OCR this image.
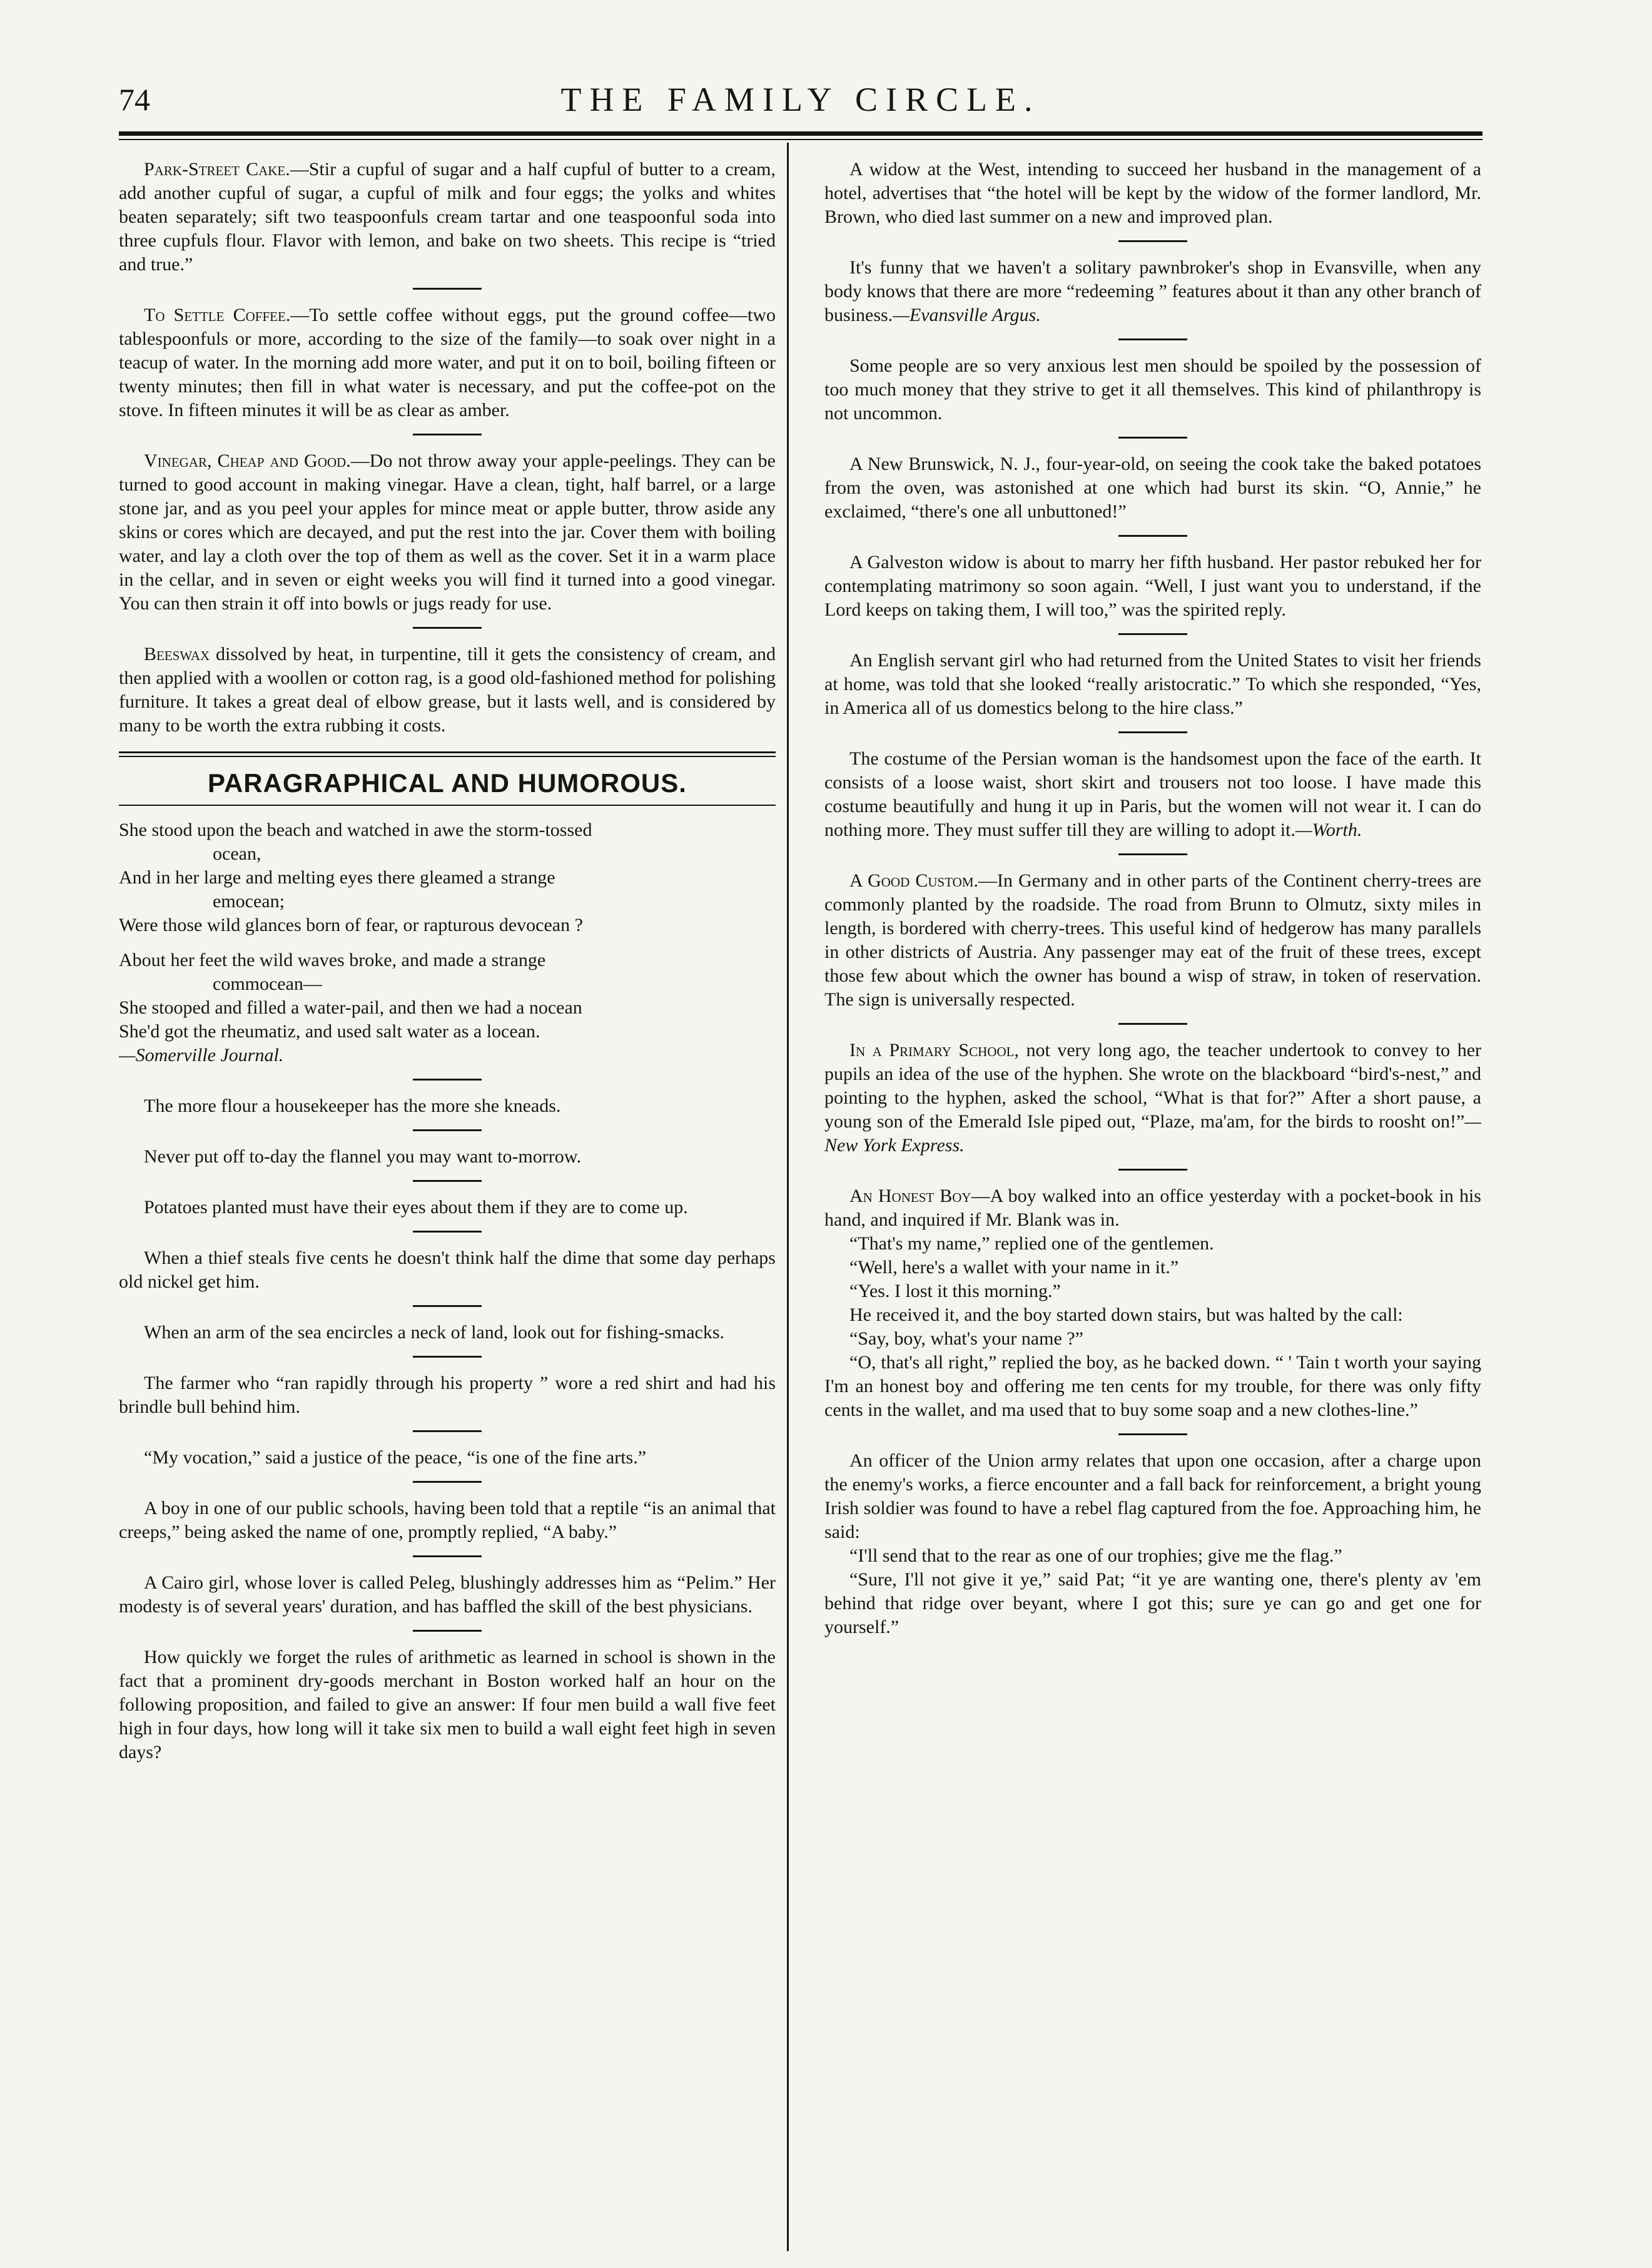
74	THE FAMILY CIRCLE.

Park-Street Cake.—Stir a cupful of sugar and a half cupful of butter to a cream, add another cupful of sugar, a cupful of milk and four eggs; the yolks and whites beaten separately; sift two teaspoonfuls cream tartar and one teaspoonful soda into three cupfuls flour. Flavor with lemon, and bake on two sheets. This recipe is “tried and true.”

To Settle Coffee.—To settle coffee without eggs, put the ground coffee—two tablespoonfuls or more, according to the size of the family—to soak over night in a teacup of water. In the morning add more water, and put it on to boil, boiling fifteen or twenty minutes; then fill in what water is necessary, and put the coffee-pot on the stove. In fifteen minutes it will be as clear as amber.

Vinegar, Cheap and Good.—Do not throw away your apple-peelings. They can be turned to good account in making vinegar. Have a clean, tight, half barrel, or a large stone jar, and as you peel your apples for mince meat or apple butter, throw aside any skins or cores which are decayed, and put the rest into the jar. Cover them with boiling water, and lay a cloth over the top of them as well as the cover. Set it in a warm place in the cellar, and in seven or eight weeks you will find it turned into a good vinegar. You can then strain it off into bowls or jugs ready for use.

Beeswax dissolved by heat, in turpentine, till it gets the consistency of cream, and then applied with a woollen or cotton rag, is a good old-fashioned method for polishing furniture. It takes a great deal of elbow grease, but it lasts well, and is considered by many to be worth the extra rubbing it costs.

PARAGRAPHICAL AND HUMOROUS.
She stood upon the beach and watched in awe the storm-tossed
ocean,
And in her large and melting eyes there gleamed a strange
emocean;
Were those wild glances born of fear, or rapturous devocean ?
About her feet the wild waves broke, and made a strange
commocean—
She stooped and filled a water-pail, and then we had a nocean
She'd got the rheumatiz, and used salt water as a locean.
—Somerville Journal.

The more flour a housekeeper has the more she kneads.

Never put off to-day the flannel you may want to-morrow.

Potatoes planted must have their eyes about them if they are to come up.

When a thief steals five cents he doesn't think half the dime that some day perhaps old nickel get him.

When an arm of the sea encircles a neck of land, look out for fishing-smacks.

The farmer who “ran rapidly through his property ” wore a red shirt and had his brindle bull behind him.

“My vocation,” said a justice of the peace, “is one of the fine arts.”

A boy in one of our public schools, having been told that a reptile “is an animal that creeps,” being asked the name of one, promptly replied, “A baby.”

A Cairo girl, whose lover is called Peleg, blushingly addresses him as “Pelim.” Her modesty is of several years' duration, and has baffled the skill of the best physicians.

How quickly we forget the rules of arithmetic as learned in school is shown in the fact that a prominent dry-goods merchant in Boston worked half an hour on the following proposition, and failed to give an answer: If four men build a wall five feet high in four days, how long will it take six men to build a wall eight feet high in seven days?

A widow at the West, intending to succeed her husband in the management of a hotel, advertises that “the hotel will be kept by the widow of the former landlord, Mr. Brown, who died last summer on a new and improved plan.

It's funny that we haven't a solitary pawnbroker's shop in Evansville, when any body knows that there are more “redeeming ” features about it than any other branch of business.—Evansville Argus.

Some people are so very anxious lest men should be spoiled by the possession of too much money that they strive to get it all themselves. This kind of philanthropy is not uncommon.

A New Brunswick, N. J., four-year-old, on seeing the cook take the baked potatoes from the oven, was astonished at one which had burst its skin. “O, Annie,” he exclaimed, “there's one all unbuttoned!”

A Galveston widow is about to marry her fifth husband. Her pastor rebuked her for contemplating matrimony so soon again. “Well, I just want you to understand, if the Lord keeps on taking them, I will too,” was the spirited reply.

An English servant girl who had returned from the United States to visit her friends at home, was told that she looked “really aristocratic.” To which she responded, “Yes, in America all of us domestics belong to the hire class.”

The costume of the Persian woman is the handsomest upon the face of the earth. It consists of a loose waist, short skirt and trousers not too loose. I have made this costume beautifully and hung it up in Paris, but the women will not wear it. I can do nothing more. They must suffer till they are willing to adopt it.—Worth.

A Good Custom.—In Germany and in other parts of the Continent cherry-trees are commonly planted by the roadside. The road from Brunn to Olmutz, sixty miles in length, is bordered with cherry-trees. This useful kind of hedgerow has many parallels in other districts of Austria. Any passenger may eat of the fruit of these trees, except those few about which the owner has bound a wisp of straw, in token of reservation. The sign is universally respected.

In a Primary School, not very long ago, the teacher undertook to convey to her pupils an idea of the use of the hyphen. She wrote on the blackboard “bird's-nest,” and pointing to the hyphen, asked the school, “What is that for?” After a short pause, a young son of the Emerald Isle piped out, “Plaze, ma'am, for the birds to roosht on!”—New York Express.

An Honest Boy—A boy walked into an office yesterday with a pocket-book in his hand, and inquired if Mr. Blank was in.

“That's my name,” replied one of the gentlemen.

“Well, here's a wallet with your name in it.”

“Yes. I lost it this morning.”

He received it, and the boy started down stairs, but was halted by the call:

“Say, boy, what's your name ?”

“O, that's all right,” replied the boy, as he backed down. “ ' Tain t worth your saying I'm an honest boy and offering me ten cents for my trouble, for there was only fifty cents in the wallet, and ma used that to buy some soap and a new clothes-line.”

An officer of the Union army relates that upon one occasion, after a charge upon the enemy's works, a fierce encounter and a fall back for reinforcement, a bright young Irish soldier was found to have a rebel flag captured from the foe. Approaching him, he said:

“I'll send that to the rear as one of our trophies; give me the flag.”

“Sure, I'll not give it ye,” said Pat; “it ye are wanting one, there's plenty av 'em behind that ridge over beyant, where I got this; sure ye can go and get one for yourself.”
